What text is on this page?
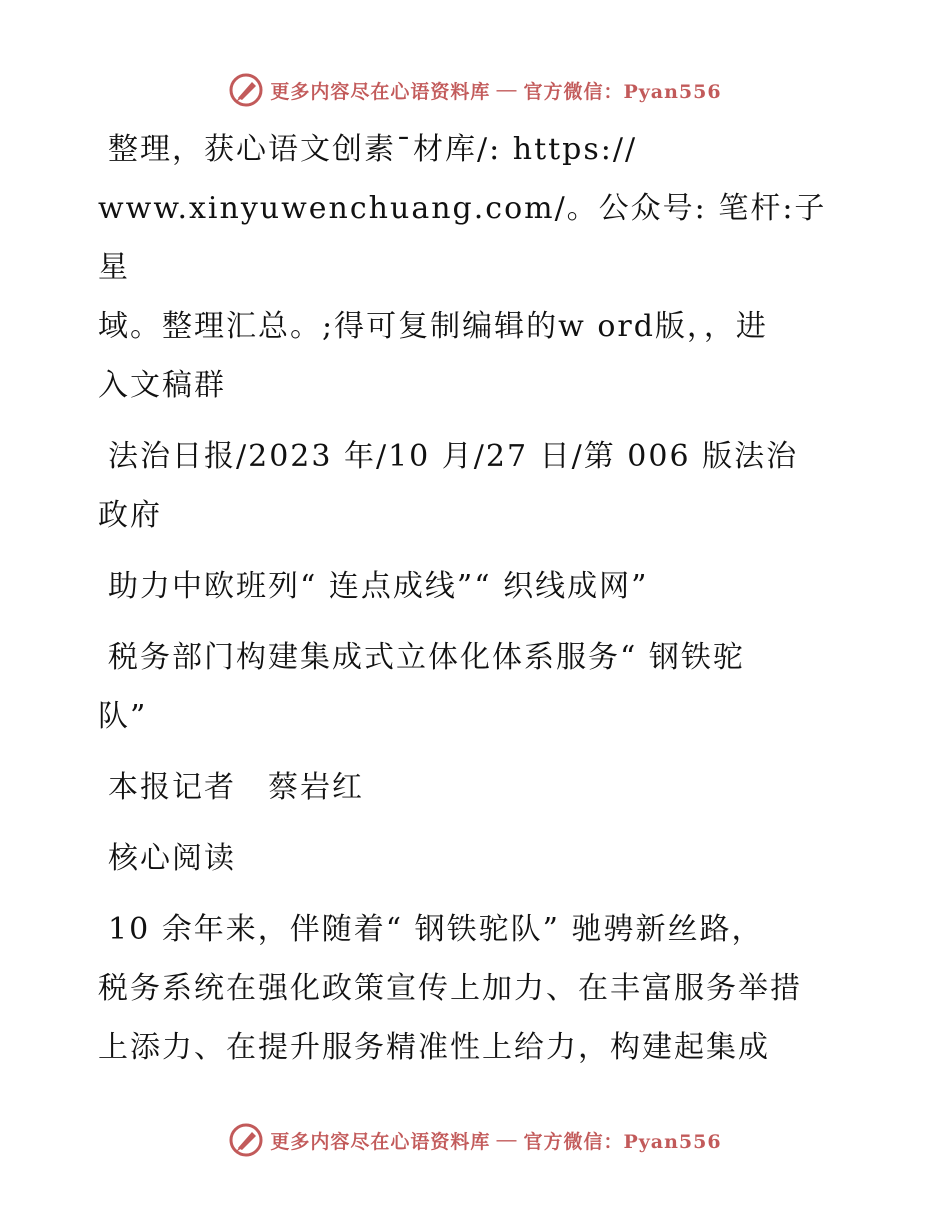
更多内容尽在心语资料库 — 官方微信：Pyan556
整理，获心语文创素¯材库/: https://
www.xinyuwenchuang.com/。公众号: 笔杆:子星
域。整理汇总。;得可复制编辑的w ord版，，进
入文稿群
法治日报/2023 年/10 月/27 日/第 006 版法治
政府
助力中欧班列“ 连点成线”“ 织线成网”
税务部门构建集成式立体化体系服务“ 钢铁驼
队”
本报记者　蔡岩红
核心阅读
10 余年来，伴随着“ 钢铁驼队” 驰骋新丝路，
税务系统在强化政策宣传上加力、在丰富服务举措
上添力、在提升服务精准性上给力，构建起集成
更多内容尽在心语资料库 — 官方微信：Pyan556
